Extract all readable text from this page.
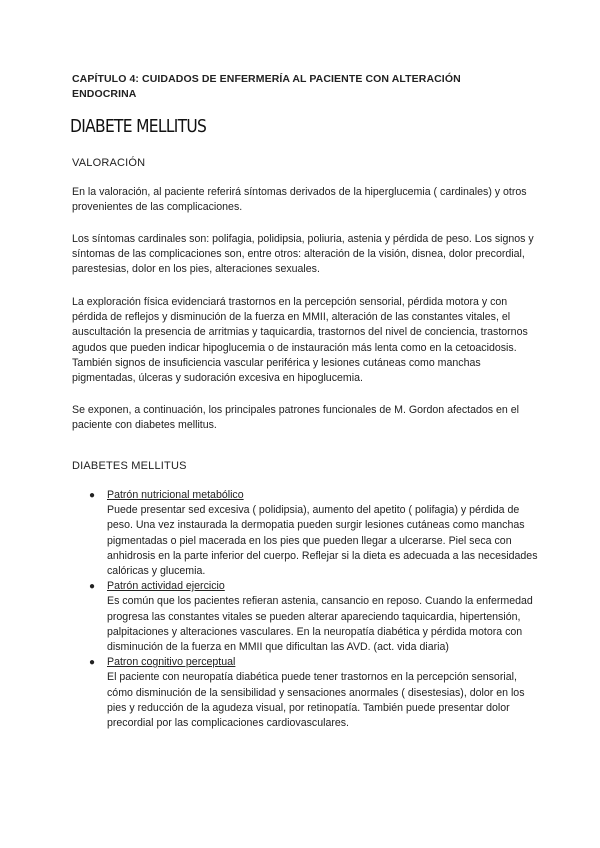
CAPÍTULO 4: CUIDADOS DE ENFERMERÍA AL PACIENTE CON ALTERACIÓN ENDOCRINA
DIABETE MELLITUS
VALORACIÓN

En la valoración, al paciente referirá síntomas derivados de la hiperglucemia ( cardinales) y otros provenientes de las complicaciones.

Los síntomas cardinales son: polifagia, polidipsia, poliuria, astenia y pérdida de peso. Los signos y síntomas de las complicaciones son, entre otros: alteración de la visión, disnea, dolor precordial, parestesias, dolor en los pies, alteraciones sexuales.

La exploración física evidenciará trastornos en la percepción sensorial, pérdida motora y con pérdida de reflejos y disminución de la fuerza en MMII, alteración de las constantes vitales, el auscultación la presencia de arritmias y taquicardia, trastornos del nivel de conciencia, trastornos agudos que pueden indicar hipoglucemia o de instauración más lenta como en la cetoacidosis. También signos de insuficiencia vascular periférica y lesiones cutáneas como manchas pigmentadas, úlceras y sudoración excesiva en hipoglucemia.

Se exponen, a continuación, los principales patrones funcionales de M. Gordon afectados en el paciente con diabetes mellitus.

DIABETES MELLITUS
● Patrón nutricional metabólico
Puede presentar sed excesiva ( polidipsia), aumento del apetito ( polifagia) y pérdida de peso. Una vez instaurada la dermopatia pueden surgir lesiones cutáneas como manchas pigmentadas o piel macerada en los pies que pueden llegar a ulcerarse. Piel seca con anhidrosis en la parte inferior del cuerpo. Reflejar si la dieta es adecuada a las necesidades calóricas y glucemia.
● Patrón actividad ejercicio
Es común que los pacientes refieran astenia, cansancio en reposo. Cuando la enfermedad progresa las constantes vitales se pueden alterar apareciendo taquicardia, hipertensión, palpitaciones y alteraciones vasculares. En la neuropatía diabética y pérdida motora con disminución de la fuerza en MMII que dificultan las AVD. (act. vida diaria)
● Patron cognitivo perceptual
El paciente con neuropatía diabética puede tener trastornos en la percepción sensorial, cómo disminución de la sensibilidad y sensaciones anormales ( disestesias), dolor en los pies y reducción de la agudeza visual, por retinopatía. También puede presentar dolor precordial por las complicaciones cardiovasculares.
